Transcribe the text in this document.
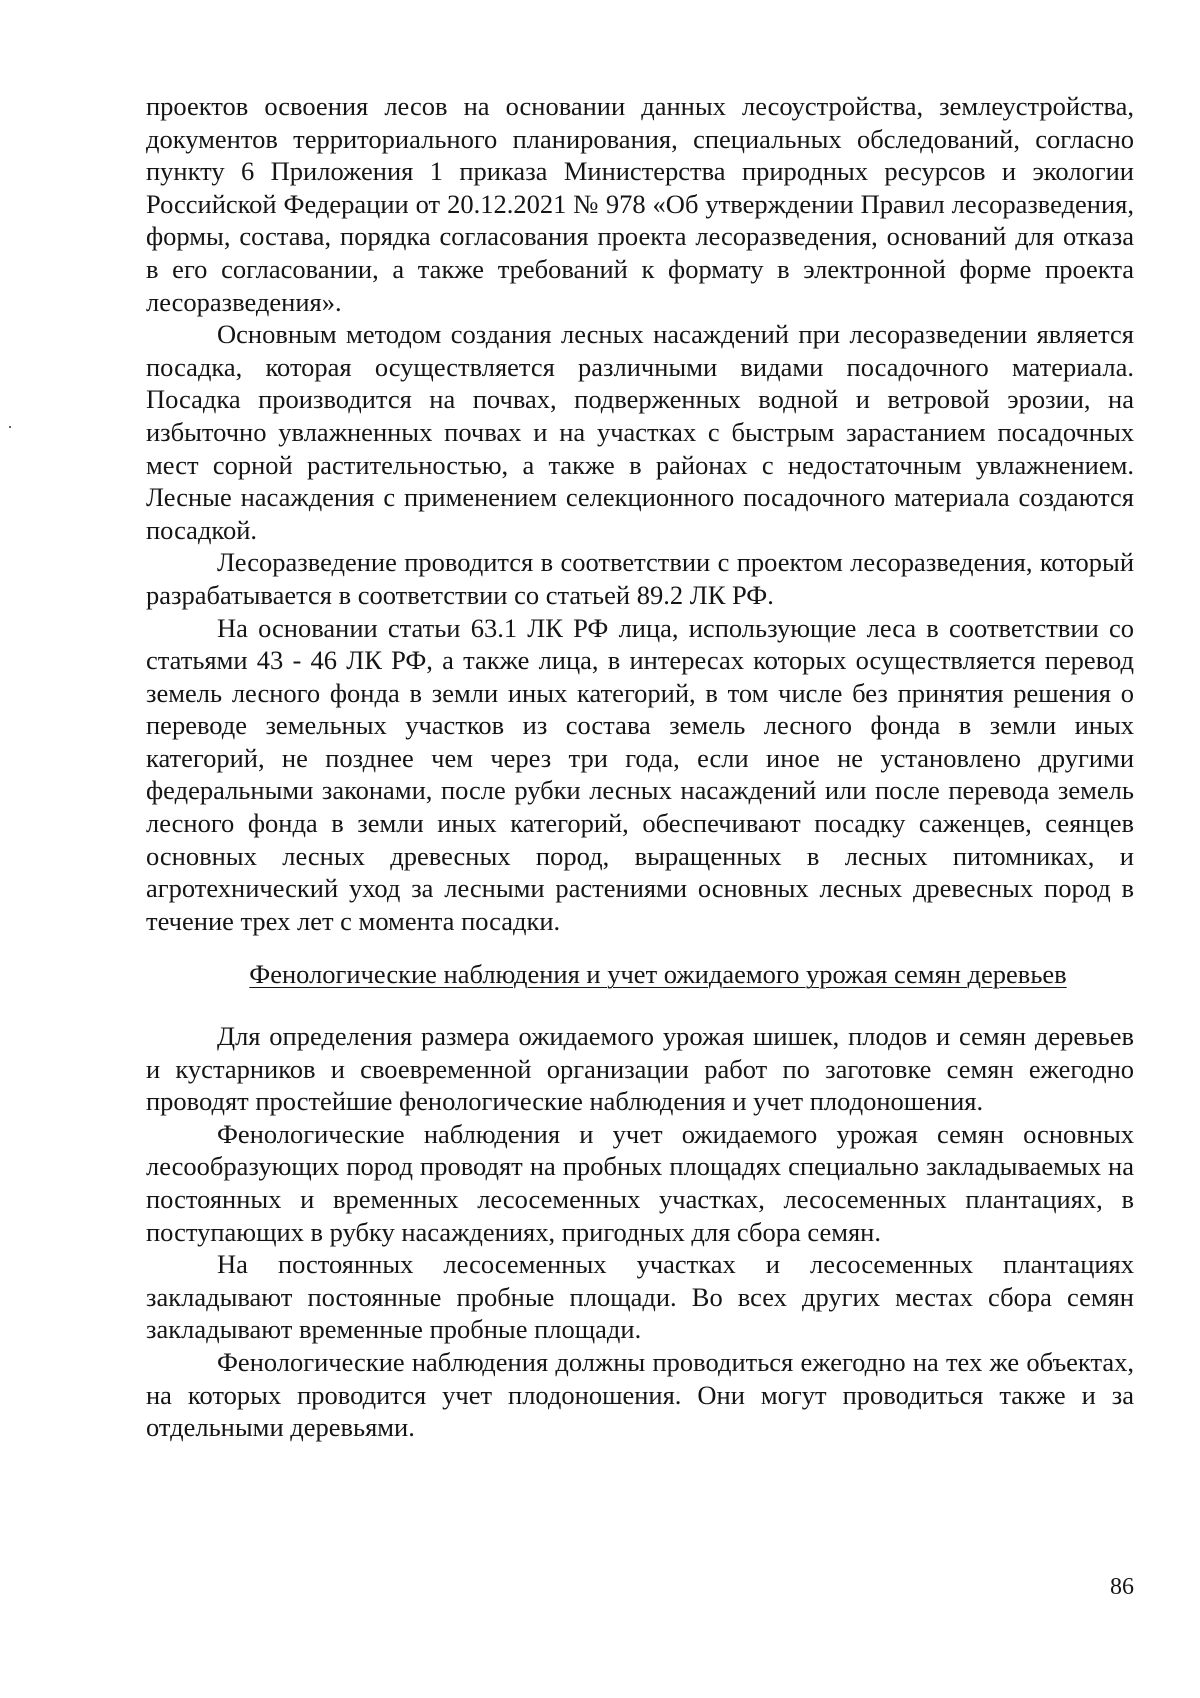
проектов освоения лесов на основании данных лесоустройства, землеустройства, документов территориального планирования, специальных обследований, согласно пункту 6 Приложения 1 приказа Министерства природных ресурсов и экологии Российской Федерации от 20.12.2021 № 978 «Об утверждении Правил лесоразведения, формы, состава, порядка согласования проекта лесоразведения, оснований для отказа в его согласовании, а также требований к формату в электронной форме проекта лесоразведения».

Основным методом создания лесных насаждений при лесоразведении является посадка, которая осуществляется различными видами посадочного материала. Посадка производится на почвах, подверженных водной и ветровой эрозии, на избыточно увлажненных почвах и на участках с быстрым зарастанием посадочных мест сорной растительностью, а также в районах с недостаточным увлажнением. Лесные насаждения с применением селекционного посадочного материала создаются посадкой.

Лесоразведение проводится в соответствии с проектом лесоразведения, который разрабатывается в соответствии со статьей 89.2 ЛК РФ.

На основании статьи 63.1 ЛК РФ лица, использующие леса в соответствии со статьями 43 - 46 ЛК РФ, а также лица, в интересах которых осуществляется перевод земель лесного фонда в земли иных категорий, в том числе без принятия решения о переводе земельных участков из состава земель лесного фонда в земли иных категорий, не позднее чем через три года, если иное не установлено другими федеральными законами, после рубки лесных насаждений или после перевода земель лесного фонда в земли иных категорий, обеспечивают посадку саженцев, сеянцев основных лесных древесных пород, выращенных в лесных питомниках, и агротехнический уход за лесными растениями основных лесных древесных пород в течение трех лет с момента посадки.

Фенологические наблюдения и учет ожидаемого урожая семян деревьев

Для определения размера ожидаемого урожая шишек, плодов и семян деревьев и кустарников и своевременной организации работ по заготовке семян ежегодно проводят простейшие фенологические наблюдения и учет плодоношения.

Фенологические наблюдения и учет ожидаемого урожая семян основных лесообразующих пород проводят на пробных площадях специально закладываемых на постоянных и временных лесосеменных участках, лесосеменных плантациях, в поступающих в рубку насаждениях, пригодных для сбора семян.

На постоянных лесосеменных участках и лесосеменных плантациях закладывают постоянные пробные площади. Во всех других местах сбора семян закладывают временные пробные площади.

Фенологические наблюдения должны проводиться ежегодно на тех же объектах, на которых проводится учет плодоношения. Они могут проводиться также и за отдельными деревьями.

86
